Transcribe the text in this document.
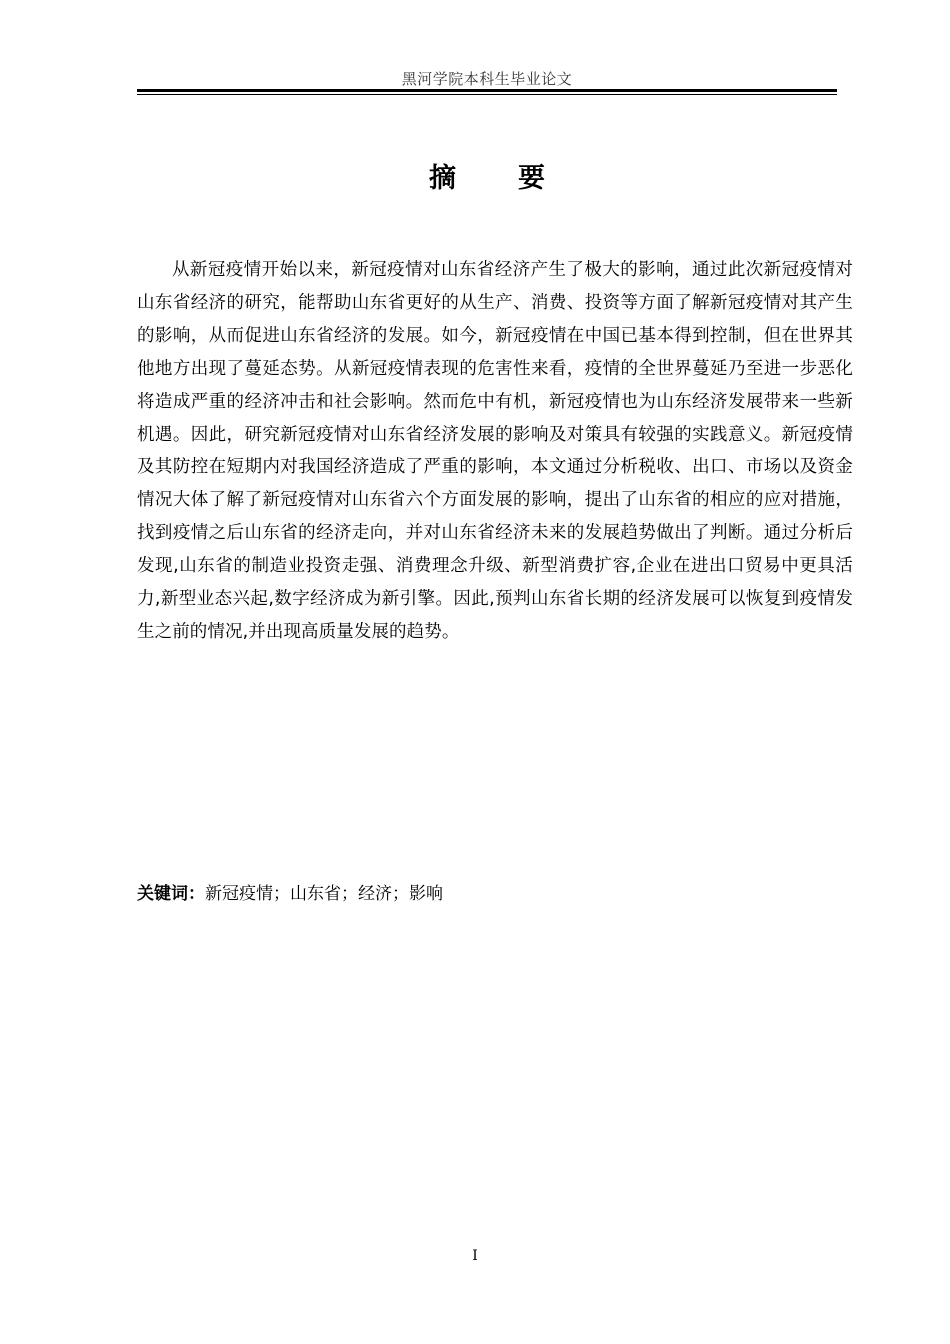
黑河学院本科生毕业论文
摘 要

从新冠疫情开始以来，新冠疫情对山东省经济产生了极大的影响，通过此次新冠疫情对山东省经济的研究，能帮助山东省更好的从生产、消费、投资等方面了解新冠疫情对其产生的影响，从而促进山东省经济的发展。如今，新冠疫情在中国已基本得到控制，但在世界其他地方出现了蔓延态势。从新冠疫情表现的危害性来看，疫情的全世界蔓延乃至进一步恶化将造成严重的经济冲击和社会影响。然而危中有机，新冠疫情也为山东经济发展带来一些新机遇。因此，研究新冠疫情对山东省经济发展的影响及对策具有较强的实践意义。新冠疫情及其防控在短期内对我国经济造成了严重的影响，本文通过分析税收、出口、市场以及资金情况大体了解了新冠疫情对山东省六个方面发展的影响，提出了山东省的相应的应对措施，找到疫情之后山东省的经济走向，并对山东省经济未来的发展趋势做出了判断。通过分析后发现,山东省的制造业投资走强、消费理念升级、新型消费扩容,企业在进出口贸易中更具活力,新型业态兴起,数字经济成为新引擎。因此,预判山东省长期的经济发展可以恢复到疫情发生之前的情况,并出现高质量发展的趋势。

关键词：新冠疫情；山东省；经济；影响
I
